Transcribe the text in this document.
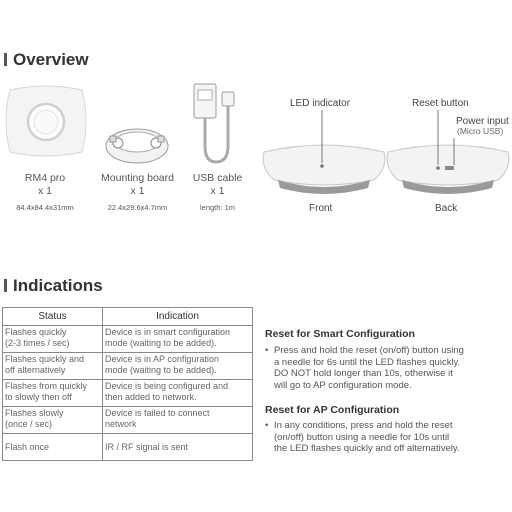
Overview
RM4 pro
x 1
84.4x84.4x31mm
Mounting board
x 1
22.4x29.6x4.7mm
USB cable
x 1
length: 1m
LED indicator	Reset button
Power input
(Micro USB)
Front	Back
Indications
Status	Indication
Flashes quickly
(2-3 times / sec)	Device is in smart configuration
mode (waiting to be added).
Flashes quickly and
off alternatively	Device is in AP configuration
mode (waiting to be added).
Flashes from quickly
to slowly then off	Device is being configured and
then added to network.
Flashes slowly
(once / sec)	Device is failed to connect
network
Flash once	IR / RF signal is sent
Reset for Smart Configuration
• Press and hold the reset (on/off) button using
a needle for 6s until the LED flashes quickly.
DO NOT hold longer than 10s, otherwise it
will go to AP configuration mode.
Reset for AP Configuration
• In any conditions, press and hold the reset
(on/off) button using a needle for 10s until
the LED flashes quickly and off alternatively.
